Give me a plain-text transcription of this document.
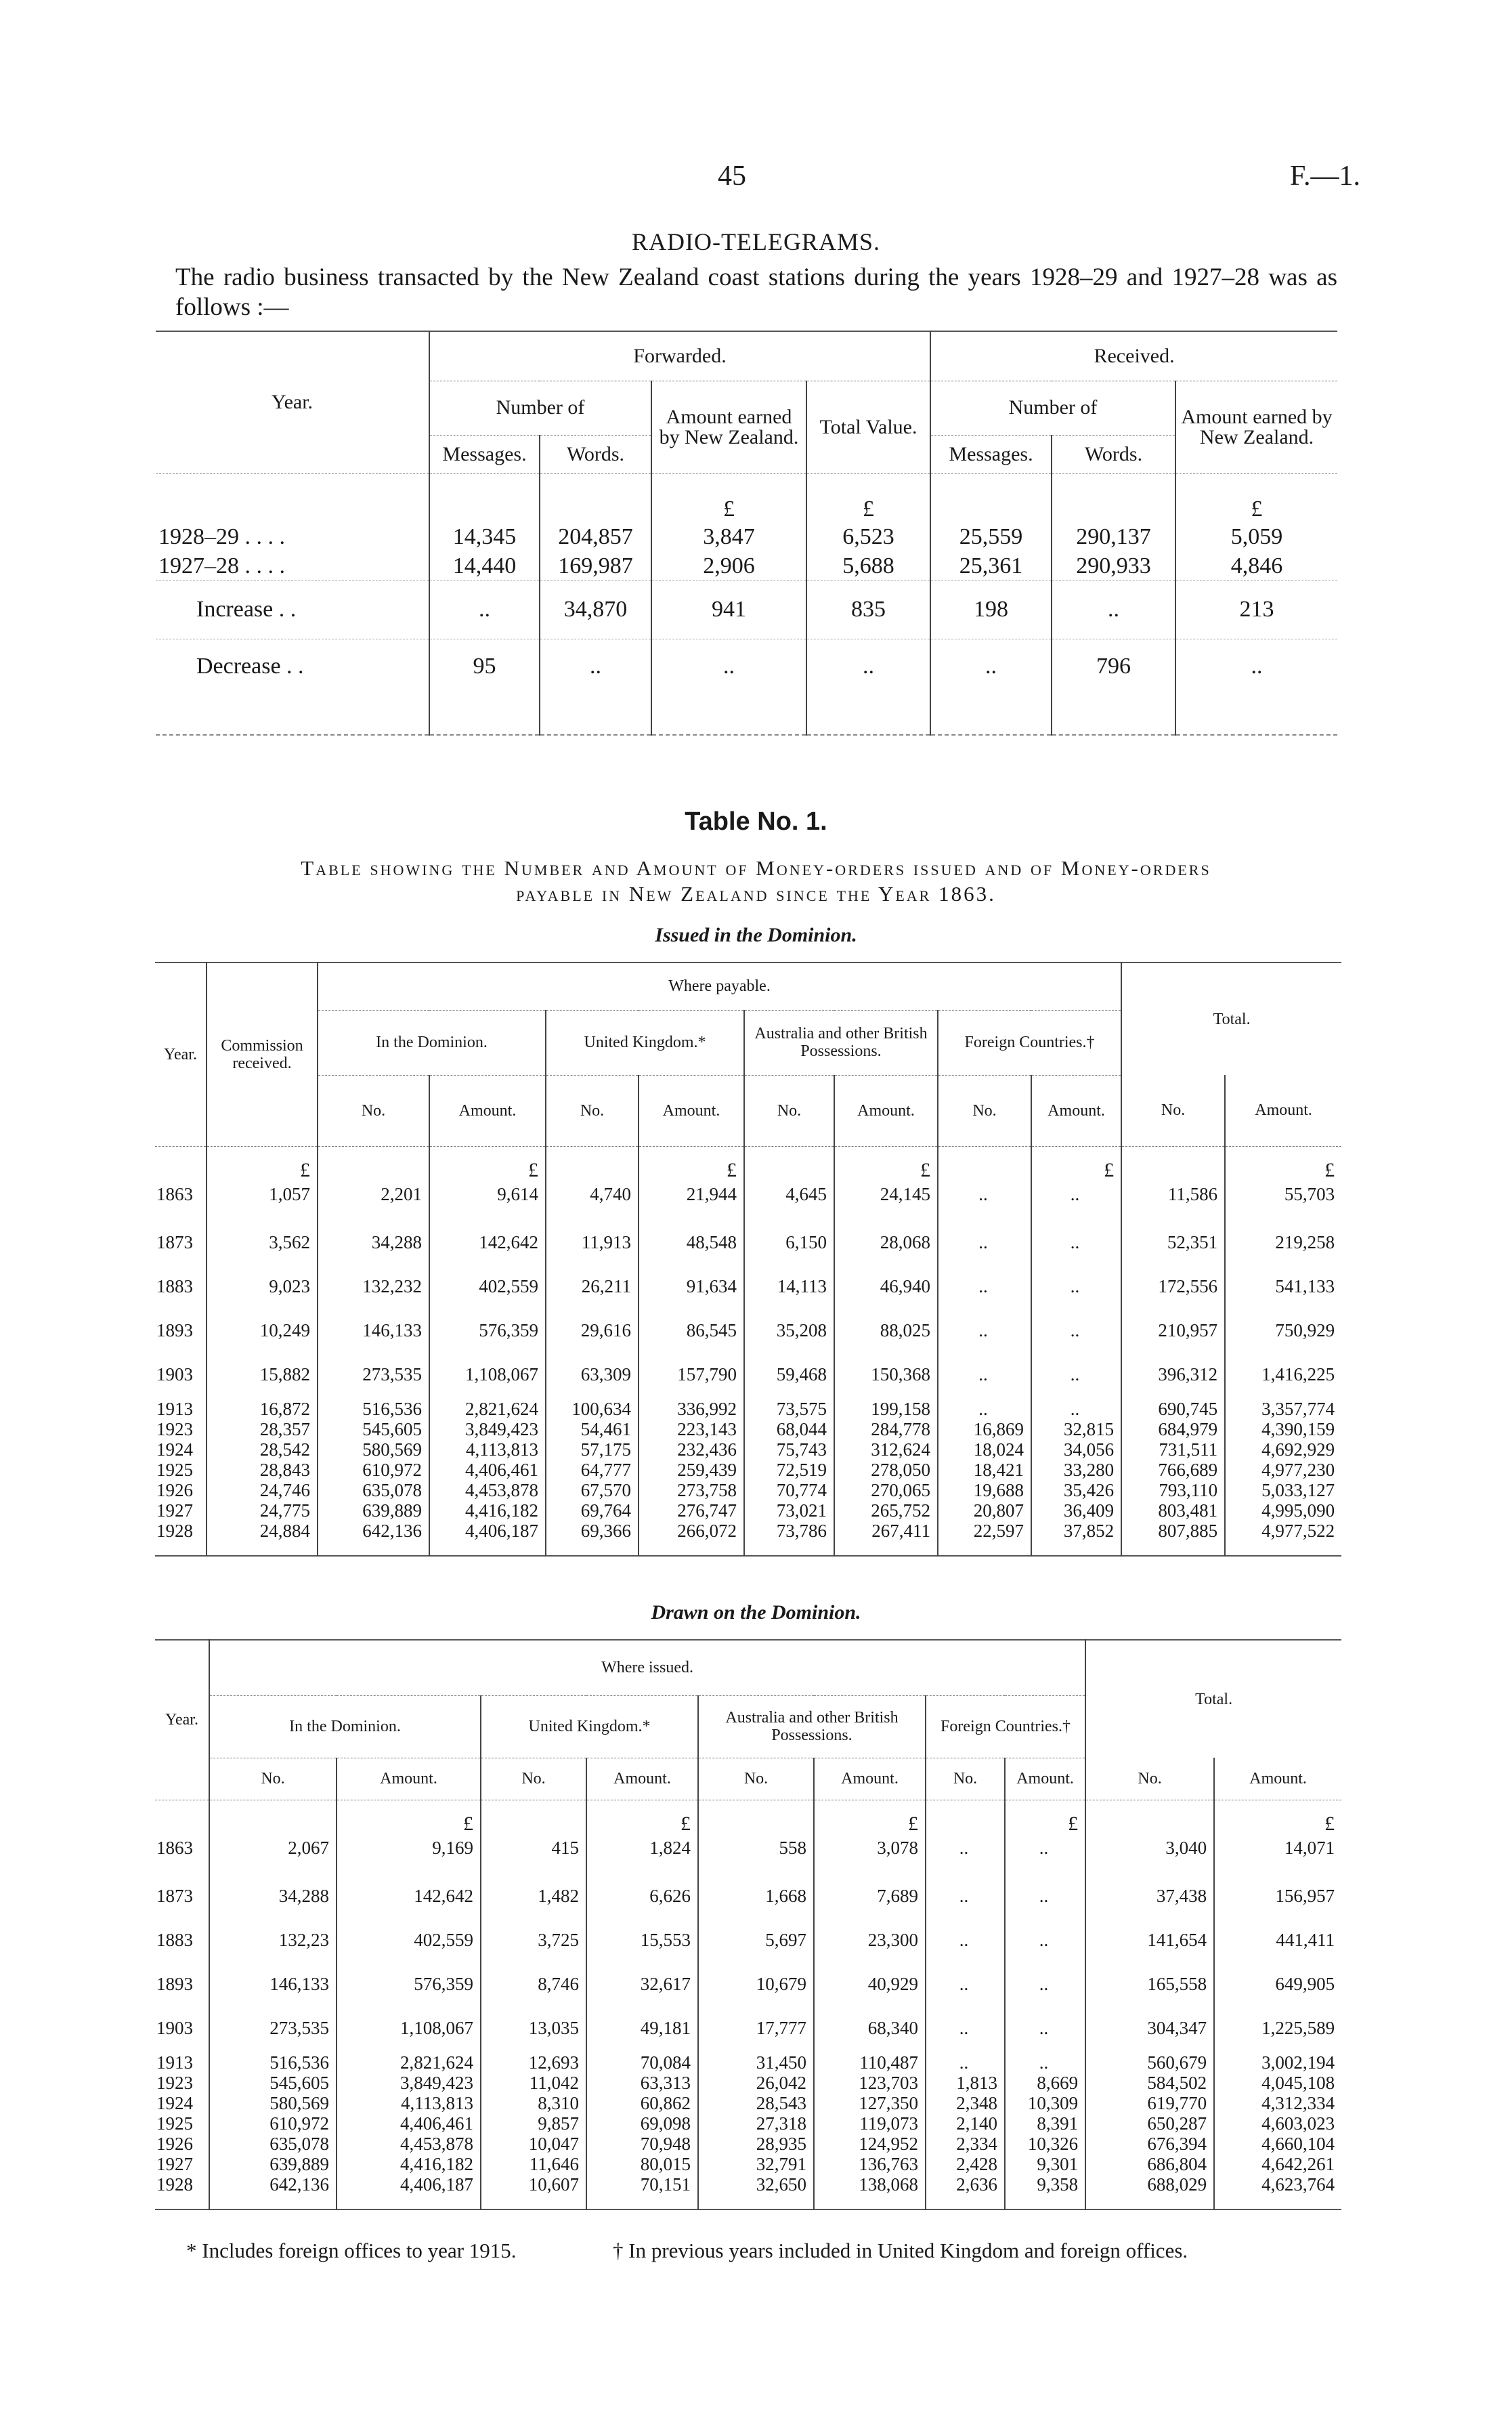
45	F.—1.
RADIO-TELEGRAMS.
The radio business transacted by the New Zealand coast stations during the years 1928–29 and 1927–28 was as follows :—
Year.	Forwarded.				Received.		
	Number of		Amount earned by New Zealand.	Total Value.	Number of		Amount earned by New Zealand.
	Messages.	Words.			Messages.	Words.	
			£	£			£
1928–29 . . . .	14,345	204,857	3,847	6,523	25,559	290,137	5,059
1927–28 . . . .	14,440	169,987	2,906	5,688	25,361	290,933	4,846
Increase . .	..	34,870	941	835	198	..	213
Decrease . .	95	..	..	..	..	796	..

Table No. 1.
Table showing the Number and Amount of Money-orders issued and of Money-orders
payable in New Zealand since the Year 1863.
Issued in the Dominion.
Year.	Commission received.	Where payable.								Total.	
		In the Dominion.		United Kingdom.*		Australia and other British Possessions.		Foreign Countries.†			
		No.	Amount.	No.	Amount.	No.	Amount.	No.	Amount.	No.	Amount.
	£		£		£		£		£		£
1863	1,057	2,201	9,614	4,740	21,944	4,645	24,145	..	..	11,586	55,703
1873	3,562	34,288	142,642	11,913	48,548	6,150	28,068	..	..	52,351	219,258
1883	9,023	132,232	402,559	26,211	91,634	14,113	46,940	..	..	172,556	541,133
1893	10,249	146,133	576,359	29,616	86,545	35,208	88,025	..	..	210,957	750,929
1903	15,882	273,535	1,108,067	63,309	157,790	59,468	150,368	..	..	396,312	1,416,225
1913	16,872	516,536	2,821,624	100,634	336,992	73,575	199,158	..	..	690,745	3,357,774
1923	28,357	545,605	3,849,423	54,461	223,143	68,044	284,778	16,869	32,815	684,979	4,390,159
1924	28,542	580,569	4,113,813	57,175	232,436	75,743	312,624	18,024	34,056	731,511	4,692,929
1925	28,843	610,972	4,406,461	64,777	259,439	72,519	278,050	18,421	33,280	766,689	4,977,230
1926	24,746	635,078	4,453,878	67,570	273,758	70,774	270,065	19,688	35,426	793,110	5,033,127
1927	24,775	639,889	4,416,182	69,764	276,747	73,021	265,752	20,807	36,409	803,481	4,995,090
1928	24,884	642,136	4,406,187	69,366	266,072	73,786	267,411	22,597	37,852	807,885	4,977,522

Drawn on the Dominion.
Year.	Where issued.								Total.	
	In the Dominion.		United Kingdom.*		Australia and other British Possessions.		Foreign Countries.†			
	No.	Amount.	No.	Amount.	No.	Amount.	No.	Amount.	No.	Amount.
		£		£		£		£		£
1863	2,067	9,169	415	1,824	558	3,078	..	..	3,040	14,071
1873	34,288	142,642	1,482	6,626	1,668	7,689	..	..	37,438	156,957
1883	132,23	402,559	3,725	15,553	5,697	23,300	..	..	141,654	441,411
1893	146,133	576,359	8,746	32,617	10,679	40,929	..	..	165,558	649,905
1903	273,535	1,108,067	13,035	49,181	17,777	68,340	..	..	304,347	1,225,589
1913	516,536	2,821,624	12,693	70,084	31,450	110,487	..	..	560,679	3,002,194
1923	545,605	3,849,423	11,042	63,313	26,042	123,703	1,813	8,669	584,502	4,045,108
1924	580,569	4,113,813	8,310	60,862	28,543	127,350	2,348	10,309	619,770	4,312,334
1925	610,972	4,406,461	9,857	69,098	27,318	119,073	2,140	8,391	650,287	4,603,023
1926	635,078	4,453,878	10,047	70,948	28,935	124,952	2,334	10,326	676,394	4,660,104
1927	639,889	4,416,182	11,646	80,015	32,791	136,763	2,428	9,301	686,804	4,642,261
1928	642,136	4,406,187	10,607	70,151	32,650	138,068	2,636	9,358	688,029	4,623,764

* Includes foreign offices to year 1915.	† In previous years included in United Kingdom and foreign offices.
